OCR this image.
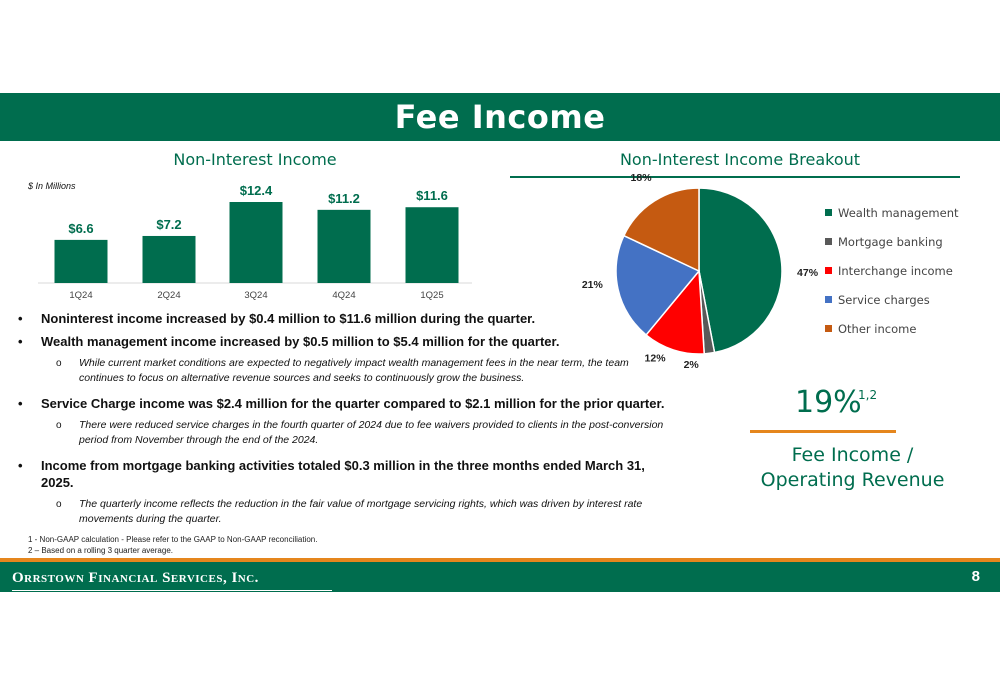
Fee Income
Non-Interest Income
$ In Millions
$6.6
1Q24
$7.2
2Q24
$12.4
3Q24
$11.2
4Q24
$11.6
1Q25
Non-Interest Income Breakout
47%
2%
12%
21%
18%
Wealth management
Mortgage banking
Interchange income
Service charges
Other income
19%
1,2
Fee Income /
Operating Revenue
• Noninterest income increased by $0.4 million to $11.6 million during the quarter.
• Wealth management income increased by $0.5 million to $5.4 million for the quarter.
o While current market conditions are expected to negatively impact wealth management fees in the near term, the team continues to focus on alternative revenue sources and seeks to continuously grow the business.
• Service Charge income was $2.4 million for the quarter compared to $2.1 million for the prior quarter.
o There were reduced service charges in the fourth quarter of 2024 due to fee waivers provided to clients in the post-conversion period from November through the end of the 2024.
• Income from mortgage banking activities totaled $0.3 million in the three months ended March 31, 2025.
o The quarterly income reflects the reduction in the fair value of mortgage servicing rights, which was driven by interest rate movements during the quarter.
1 - Non-GAAP calculation - Please refer to the GAAP to Non-GAAP reconciliation.
2 – Based on a rolling 3 quarter average.
Orrstown Financial Services, Inc.	8
